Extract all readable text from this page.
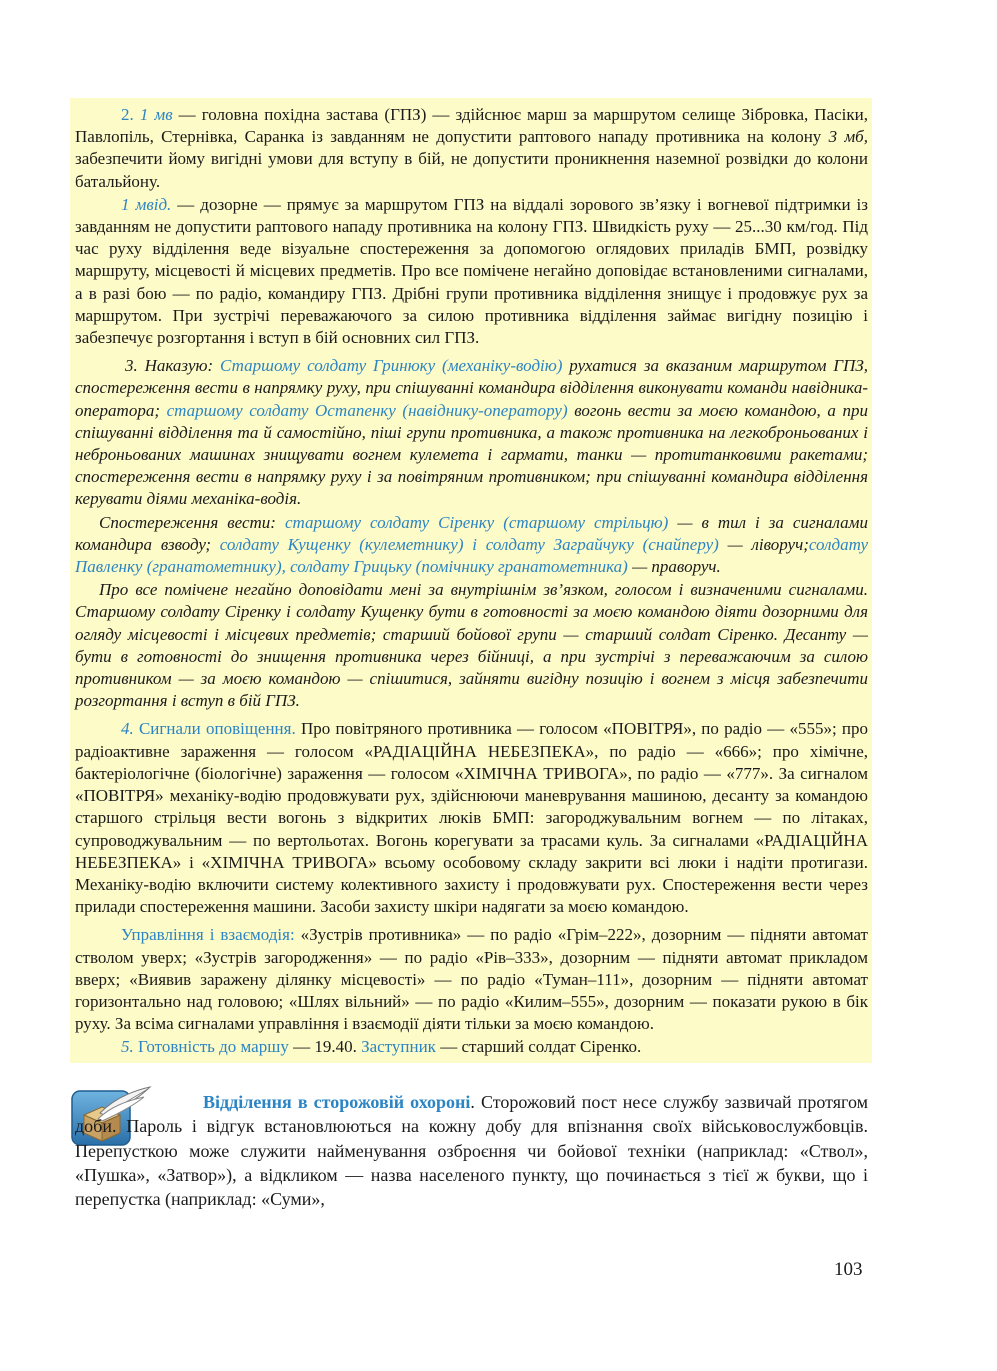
2. 1 мв — головна похідна застава (ГПЗ) — здійснює марш за маршрутом селище Зібровка, Пасіки, Павлопіль, Стернівка, Саранка із завданням не допустити раптового нападу противника на колону 3 мб, забезпечити йому вигідні умови для вступу в бій, не допустити проникнення наземної розвідки до колони батальйону.

1 мвід. — дозорне — прямує за маршрутом ГПЗ на віддалі зорового зв’язку і вогневої підтримки із завданням не допустити раптового нападу противника на колону ГПЗ. Швидкість руху — 25...30 км/год. Під час руху відділення веде візуальне спостереження за допомогою оглядових приладів БМП, розвідку маршруту, місцевості й місцевих предметів. Про все помічене негайно доповідає встановленими сигналами, а в разі бою — по радіо, командиру ГПЗ. Дрібні групи противника відділення знищує і продовжує рух за маршрутом. При зустрічі переважаючого за силою противника відділення займає вигідну позицію і забезпечує розгортання і вступ в бій основних сил ГПЗ.

3. Наказую: Старшому солдату Гринюку (механіку-водію) рухатися за вказаним маршрутом ГПЗ, спостереження вести в напрямку руху, при спішуванні командира відділення виконувати команди навідника-оператора; старшому солдату Остапенку (навіднику-оператору) вогонь вести за моєю командою, а при спішуванні відділення та й самостійно, піші групи противника, а також противника на легкоброньованих і неброньованих машинах знищувати вогнем кулемета і гармати, танки — протитанковими ракетами; спостереження вести в напрямку руху і за повітряним противником; при спішуванні командира відділення керувати діями механіка-водія.

Спостереження вести: старшому солдату Сіренку (старшому стрільцю) — в тил і за сигналами командира взводу; солдату Кущенку (кулеметнику) і солдату Заграйчуку (снайперу) — ліворуч;солдату Павленку (гранатометнику), солдату Грицьку (помічнику гранатометника) — праворуч.

Про все помічене негайно доповідати мені за внутрішнім зв’язком, голосом і визначеними сигналами. Старшому солдату Сіренку і солдату Кущенку бути в готовності за моєю командою діяти дозорними для огляду місцевості і місцевих предметів; старший бойової групи — старший солдат Сіренко. Десанту — бути в готовності до знищення противника через бійниці, а при зустрічі з переважаючим за силою противником — за моєю командою — спішитися, зайняти вигідну позицію і вогнем з місця забезпечити розгортання і вступ в бій ГПЗ.

4. Сигнали оповіщення. Про повітряного противника — голосом «ПОВІТРЯ», по радіо — «555»; про радіоактивне зараження — голосом «РАДІАЦІЙНА НЕБЕЗПЕКА», по радіо — «666»; про хімічне, бактеріологічне (біологічне) зараження — голосом «ХІМІЧНА ТРИВОГА», по радіо — «777». За сигналом «ПОВІТРЯ» механіку-водію продовжувати рух, здійснюючи маневрування машиною, десанту за командою старшого стрільця вести вогонь з відкритих люків БМП: загороджувальним вогнем — по літаках, супроводжувальним — по вертольотах. Вогонь корегувати за трасами куль. За сигналами «РАДІАЦІЙНА НЕБЕЗПЕКА» і «ХІМІЧНА ТРИВОГА» всьому особовому складу закрити всі люки і надіти протигази. Механіку-водію включити систему колективного захисту і продовжувати рух. Спостереження вести через прилади спостереження машини. Засоби захисту шкіри надягати за моєю командою.

Управління і взаємодія: «Зустрів противника» — по радіо «Грім–222», дозорним — підняти автомат стволом уверх; «Зустрів загородження» — по радіо «Рів–333», дозорним — підняти автомат прикладом вверх; «Виявив заражену ділянку місцевості» — по радіо «Туман–111», дозорним — підняти автомат горизонтально над головою; «Шлях вільний» — по радіо «Килим–555», дозорним — показати рукою в бік руху. За всіма сигналами управління і взаємодії діяти тільки за моєю командою.

5. Готовність до маршу — 19.40. Заступник — старший солдат Сіренко.

Відділення в сторожовій охороні. Сторожовий пост несе службу зазвичай протягом доби. Пароль і відгук встановлюються на кожну добу для впізнання своїх військовослужбовців. Перепусткою може служити найменування озброєння чи бойової техніки (наприклад: «Ствол», «Пушка», «Затвор»), а відкликом — назва населеного пункту, що починається з тієї ж букви, що і перепустка (наприклад: «Суми»,

103
